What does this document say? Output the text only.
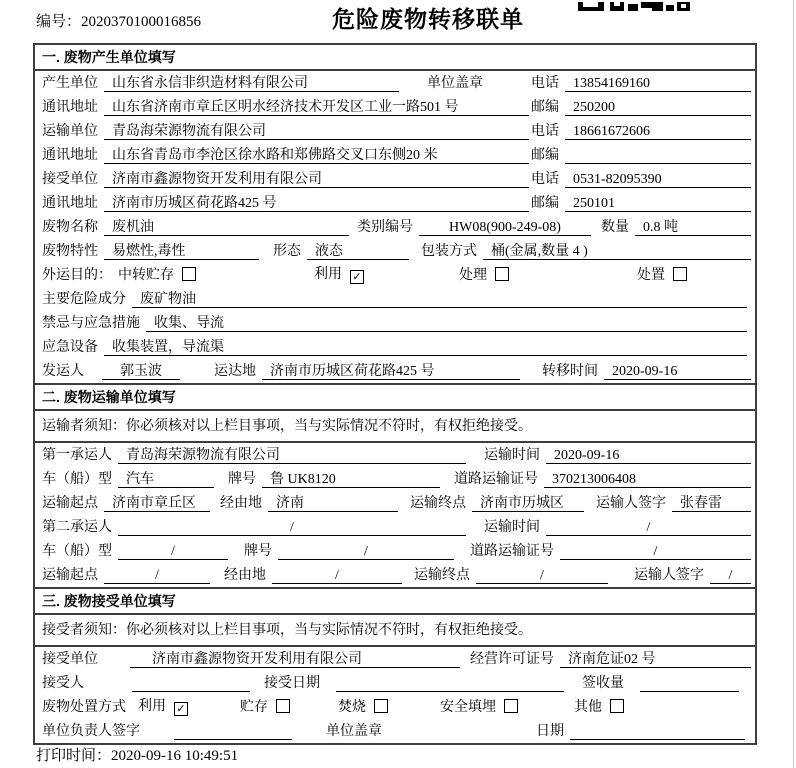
编号：2020370100016856	危险废物转移联单
一. 废物产生单位填写
产生单位	山东省永信非织造材料有限公司	单位盖章	电话	13854169160
通讯地址	山东省济南市章丘区明水经济技术开发区工业一路501 号	邮编	250200
运输单位	青岛海荣源物流有限公司	电话	18661672606
通讯地址	山东省青岛市李沧区徐水路和郑佛路交叉口东侧20 米	邮编
接受单位	济南市鑫源物资开发利用有限公司	电话	0531-82095390
通讯地址	济南市历城区荷花路425 号	邮编	250101
废物名称	废机油	类别编号	HW08(900-249-08)	数量	0.8 吨
废物特性	易燃性,毒性	形态	液态	包装方式	桶(金属,数量 4 )
外运目的： 中转贮存	利用 ✓	处理	处置
主要危险成分	废矿物油
禁忌与应急措施	收集、导流
应急设备	收集装置，导流渠
发运人	郭玉波	运达地	济南市历城区荷花路425 号	转移时间	2020-09-16
二. 废物运输单位填写
运输者须知：你必须核对以上栏目事项，当与实际情况不符时，有权拒绝接受。
第一承运人	青岛海荣源物流有限公司	运输时间	2020-09-16
车（船）型	汽车	牌号	鲁 UK8120	道路运输证号	370213006408
运输起点	济南市章丘区	经由地	济南	运输终点	济南市历城区	运输人签字	张春雷
第二承运人	/	运输时间	/
车（船）型	/	牌号	/	道路运输证号	/
运输起点	/	经由地	/	运输终点	/	运输人签字	/
三. 废物接受单位填写
接受者须知：你必须核对以上栏目事项，当与实际情况不符时，有权拒绝接受。
接受单位	济南市鑫源物资开发利用有限公司	经营许可证号	济南危证02 号
接受人	接受日期	签收量
废物处置方式 利用 ✓	贮存	焚烧	安全填埋	其他
单位负责人签字	单位盖章	日期
打印时间：2020-09-16 10:49:51
